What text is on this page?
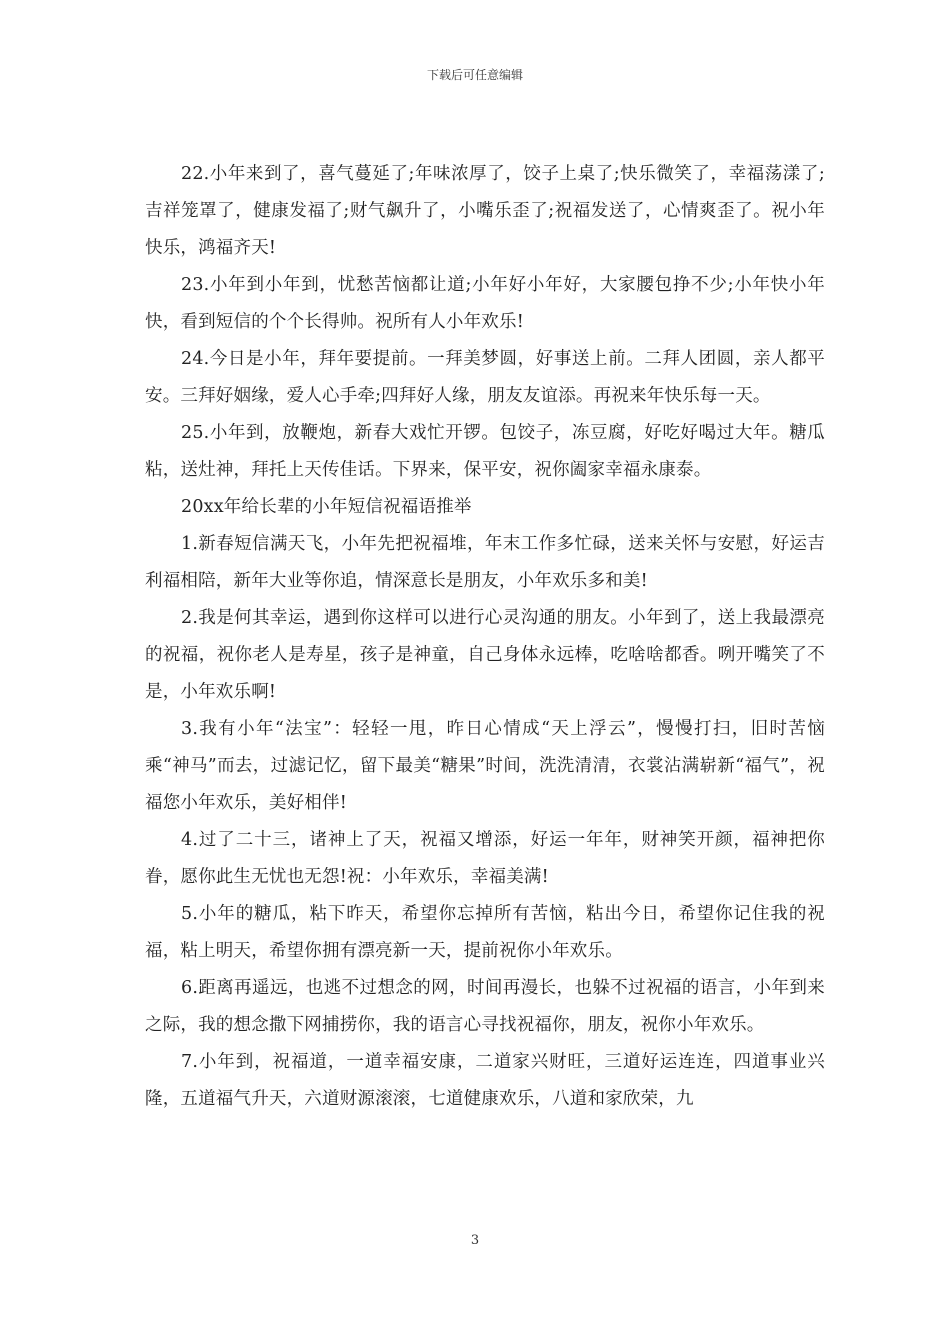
下载后可任意编辑

22.小年来到了，喜气蔓延了;年味浓厚了，饺子上桌了;快乐微笑了，幸福荡漾了;吉祥笼罩了，健康发福了;财气飙升了，小嘴乐歪了;祝福发送了，心情爽歪了。祝小年快乐，鸿福齐天!

23.小年到小年到，忧愁苦恼都让道;小年好小年好，大家腰包挣不少;小年快小年快，看到短信的个个长得帅。祝所有人小年欢乐!

24.今日是小年，拜年要提前。一拜美梦圆，好事送上前。二拜人团圆，亲人都平安。三拜好姻缘，爱人心手牵;四拜好人缘，朋友友谊添。再祝来年快乐每一天。

25.小年到，放鞭炮，新春大戏忙开锣。包饺子，冻豆腐，好吃好喝过大年。糖瓜粘，送灶神，拜托上天传佳话。下界来，保平安，祝你阖家幸福永康泰。

20xx年给长辈的小年短信祝福语推举

1.新春短信满天飞，小年先把祝福堆，年末工作多忙碌，送来关怀与安慰，好运吉利福相陪，新年大业等你追，情深意长是朋友，小年欢乐多和美!

2.我是何其幸运，遇到你这样可以进行心灵沟通的朋友。小年到了，送上我最漂亮的祝福，祝你老人是寿星，孩子是神童，自己身体永远棒，吃啥啥都香。咧开嘴笑了不是，小年欢乐啊!

3.我有小年“法宝”：轻轻一甩，昨日心情成“天上浮云”，慢慢打扫，旧时苦恼乘“神马”而去，过滤记忆，留下最美“糖果”时间，洗洗清清，衣裳沾满崭新“福气”，祝福您小年欢乐，美好相伴!

4.过了二十三，诸神上了天，祝福又增添，好运一年年，财神笑开颜，福神把你眷，愿你此生无忧也无怨!祝：小年欢乐，幸福美满!

5.小年的糖瓜，粘下昨天，希望你忘掉所有苦恼，粘出今日，希望你记住我的祝福，粘上明天，希望你拥有漂亮新一天，提前祝你小年欢乐。

6.距离再遥远，也逃不过想念的网，时间再漫长，也躲不过祝福的语言，小年到来之际，我的想念撒下网捕捞你，我的语言心寻找祝福你，朋友，祝你小年欢乐。

7.小年到，祝福道，一道幸福安康，二道家兴财旺，三道好运连连，四道事业兴隆，五道福气升天，六道财源滚滚，七道健康欢乐，八道和家欣荣，九

3
